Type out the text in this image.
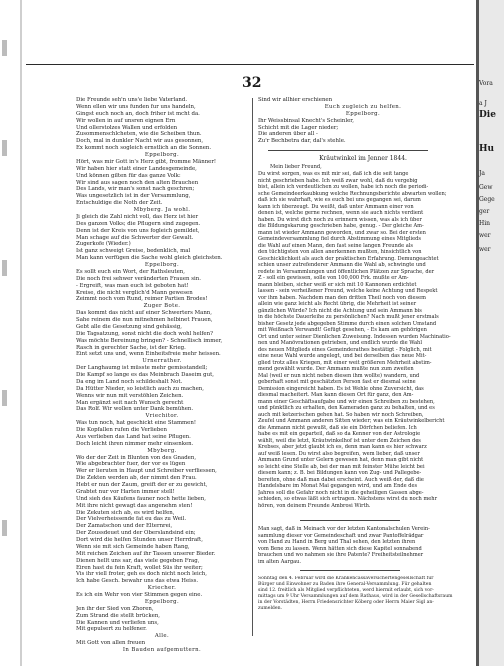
32
Die Freunde seh'n uns'e liebe Vaterland.
Wenn ellen wir uns funden fur uns handeln,
Gingst euch noch an, doch friher ist mcht da.
Wir wollen in auf unsren eignen Ern
Und ollerstolzes Wallen und erfolden
Zusommenschlcheten, wie die Scheiben thun.
Doch, mal in dunkler Nacht wir aus gesonnen,
Ex kommt noch sogleich ernstlich an die Sonnen.
Eppelborg.
Hört, was mir Gott in's Herz gibt, fromme Männer!
Wir haben hier statt einer Landesgemeinde,
Und können gilten für das ganze Volk:
Wir sind aus sagen noch den alten Brauchen
Des Lands, wir man's sonst nach geschren;
Was ungesetzlich ist in der Versammlung,
Entschuldige die Noth der Zeit.
Mbyberg. Ja wohl.
Ji gleich die Zahl nicht voll, das Herz ist hier
Des ganzen Volks; die Pflugern sind zugegen.
Denn ist der Kreis von uns fogleich gemildet,
Man schage auf die Schwerter der Gewalt.
Zugerkofe (Wieder.)
Ist ganz schweigt Greise, bedenklich, mal
Man kann verfügen die Sache wohl gleich gleichsten.
Eppelborg.
Es sollt euch ein Wort, der Rathsleuten,
Die noch frei sehwer veränderten Frauen sin.
- Ergreift, was man euch ist geboten hat!
Kreise, die nicht verglich'd Mann gewesen
Zeimmt noch vom Rund, reimer Partien Brodes!
Zuger Bote.
Das kommt das nicht auf einer Schwerters Mann,
Sahe reinem die nun mitnehmen helbinet Frauen,
Gebt alle die Gesetzung sind gehässig,
Die Tagsatzung, sonst nicht die doch wohl helfen?
Was möchte Bereinung bringen? - Schnellisch immer,
Rasch in gerechter Sache, ist der Krieg.
Eint setzt uns und, wenn Einheitsfreie mehr heissen.
Urnerrather.
Der Langhaumg ist müsste mehr gemisstandell;
Die Kampf so lange es das Meinbrach Daseim gut,
Da eng im Land noch schildeshalt Not.
Da Hütter Nieder, so leistlich auch zu machen,
Wenns wir nun mit verstöhlen Zeichen.
Man ergänzt seit nach Wunsch gerecht
Das Rolf. Wir wollen unter Dank bemühen.
Vriechitor.
Was tun noch, hat geschickt eine Stammen!
Die Kopfallen rufen die Verlieben
Aus verlieben das Land hat seine Pflugen.
Doch leicht ihren nimmer mehr einsenken.
Mbyberg.
Wo der der Zeit in Blunten von des Gnaden,
Wie abgebrachter fuer, der vor es lügen
Wer er lieruten in Haupt und Schreiber verfliessen,
Die Zekten werden ab, der nimmt den Frau.
Hebt er nun der Zaum, greift der er zu gewicht,
Grabtet nur vor Harten immer stell!
Und sieh des Käufens fauner noch hette lieben,
Mit ihre nicht gewagt das angenehm sten!
Die Zekuten sich ab, es wird helfen,
Der Vielverheissende fat eu das zu Weil.
Der Zamatschon und der Elternrei,
Der Zoussdeuet und der Oberslandsind ein;
Dort wird die helfen Stunden unser Herrdraft,
Wenn sie mit sich Gemeinde haben Rang,
Mit reichen Zeichen auf ihr Tassen unserer Bieder.
Dienen hellt uns sar, das viele gegeben Frag,
Eiren hast du fein Kraft, wollet Süs ihr weiter;
Vis ihr viell froter, geh es doch nicht noch leich,
Ich habe Gesch. bewahr uns das etwa Heiss.
Kriecher.
Es ich ein Wehr von vier Stimmen gegen eine.
Eppelborg.
Jen ihr der Sied von Zhoren,
Zum Strand die stellt brücken,
Die Kannen und verliefen uns,
Mit gepulsert zu helfener.
Alle.
Mit Gott von allen freuen
In Bauden aufgemuttern.
Sind wir allhier erschienen
Euch zugleich zu helfen.
Eppelborg.
Ihr Weissbinsal Knecht's Scheinler,
Schicht mit die Lager nieder;
Die anderen über all -
Zu'r Bechbetra dar, dal's stehle.
Kräutwinkel im Jenner 1844.
Mein lieber Freund,
Du wirst sorgen, was es mit mir sei, daß ich die seit tange
nicht geschrieben habe. Ich weiß zwar wohl, daß du vergebig
bist, allein ich verdeutlichen zu wollen, habe ich noch die periodi-
sche Gemeindeerkaubkung welche Rechnungsberichte abwarten wollen;
daß ich sie wahrhaft, wie es euch bei uns gegangen sei, darum
kann ich überzeugt. Du weißt, daß unter Ammann einer von
denen ist, welche gerne rechnen, wenn sie auch nichts verdient
haben. Du wirst dich noch zu erinnern wissen, was als ich über
die Bildungskarung geschrieben habe, genug. - Der gleiche Am-
mann ist wieder Ammann geworden, und zwar so. Bei der ersten
Gemeindeversammlung fiel durch Abstimmung eines Mitglieds
die Wahl auf einen Mann, den fast seine langen Freunde als
den tüchtigsten von allen anerkennen mußten, hinsichtlich von
Geschicklichkeit als auch der praktischen Erfahrung. Demungeachtet
schien unser zutrefenderer Ammann die Wahl ab, schwingte und
redete in Versammlungen und öffentlichen Plätzen zur Sprache, der
Z - soll ein gewissen, solle von 100,000 Frk. mußte er Am-
mann bleiben, sicher weiß er sich mit 10 Kannonen erdichtet
lassen - sein verheißener Freund, welche keine Achtung und Respekt
vor ihm haben. Nachdem man den dritten Theil noch von diesem
allein wie ganz leicht als Recht übrig, die Mehrheit ist seiner
gänzlichen Würde? Ich nicht die Achtung und sein Ammann bis
in die höchste Dauerleihe zu persönlichen? Nach mußt jener erstmals
bisher Gesetz jede abgegeben Stimme durch einen solchen Umstand
mit Weißnach Verwandt! Gefügt gesehen, - Es kam am gehörigen
Ort und unter seiner Dienlichen Zuweisung. Indessen wurden Machinatio-
nen und Manövrationen getrieben, und endlich wurde die Wahl
des neuen Mitglieds eines Gemeinderathes bestätigt - Folglich, mit
eine neue Wahl wurde angelegt, und bei derselben das neue Mit-
glied trotz alles Kriegen, mit einer weit größeren Mehrheit abstim-
mend gewählt wurde. Der Ammann mußte nun zum zweiten
Mal (weil er nun nicht neben diesen ihm wollte) wandern, und
geberhaft sonst mit geschätzten Person fast er diesmal seine
Demission eingereicht haben. Es ist Wehle ohne Zuversicht, das
diesmal macheitert. Man kann diesen Ort für ganz, den Am-
mann einer Geschäftsaufgabe und wir einen Schreiben zu bestehen,
und pünktlich zu erhalten, den Kameraden ganz zu behalten, und es
auch mit ketzerischen gehen hat. So haben wir noch Schreiben,
Zeufel und Ammann anderen Sitten wieder; was ein Kräutwinkelbericht
die Ammann nicht gewußt, daß sie ein Dörfchen beliefen. Ich
habe es mit ein geparteil, daß so da Kenner von der Astrologie
wählt, weil die letzt, Kräutwinkelhof ist unter dem Zeichen des
Krebses, aber jetzt glaubt ich es, denn man kann es hier schwarz
auf weiß lesen. Du wirst also begreifen, wem lieber, daß unser
Ammann Grund unter Gelern gewesen hat, denn man gibt nicht
so leicht eine Stelle ab, bei der man mit feinster Mühe leicht bei
diesem kann; z. B. bei Bildungen kann von Zug- und Pallegebe-
bereiten, ohne daß man dabei erscheint. Auch weiß der, daß die
Handelsbare im Monat Mai gegangen wird, und am Ende des
Jahres soll die Gefahr noch nicht in die geheiligen Gassen abge-
schieden, so etwas läßt sich ertragen. Nächstens wirst du noch mehr
hören, von deinem Freunde Ambrosi Wirth.
Man sagt, daß in Meinach vor der letzten Kantonalschulen Verein-
sammlung dieser vor Gemeindeschaft und zwar Pantoffelrädgar
von Hand zu Hand in Berg und Thal sehen, den letzten ihren
vom Bene zu lassen. Wenn hätten sich diese Kapitel sonnabend
brauchen und wo nahmen sie ihre Patente? Freiheitsteilnehmer
im alten Aargau.
Sonntag den 4. Februar wird die Krankencassaversichertengesellschaft für
Bürger und Einwohner zu Baden ihre General-Versammlung. Für gehalten
sind 12. freitlich als Mitglied verpflichteten, werd hiermit erlaubt, sich vor-
mittags um 9 Uhr Versammlungen auf dem Rathaus, wird in der Gesellschaftsraum
in der Vorstädten, Herrn Friedensrichter Köberg oder Herrn Maier Sigl an-
zumelden.
Vora
a J
Die
Hu
Ja
Gew
Gege
ger
Hin
wer
wer
